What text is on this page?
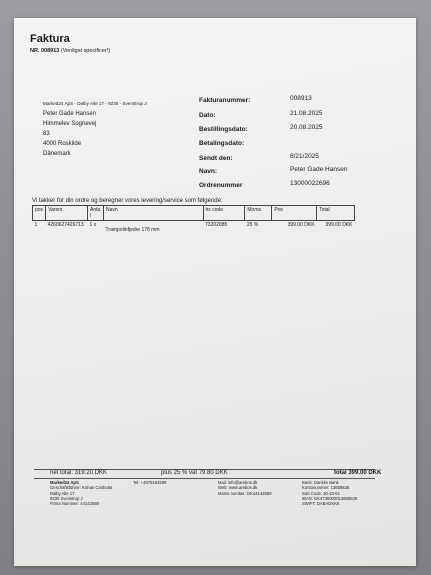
Faktura
NR. 008913 (Venligst specificer!)
Marked24 ApS - Dalby Alle 17 - 9230 - Svenstrup J
Peter Gade Hansen
Himmelev Sognevej
83
4000 Roskilde
Dânemark
Fakturanummer:	008913
Dato:	21.08.2025
Bestillingsdato:	20.08.2025
Betalingsdato:
Sendt den:	8/21/2025
Navn:	Peter Gade Hansen
Ordrenummer	13000022696
Vi takker for din ordre og beregner vores levering/service som følgende:
pos	Varenr.	Anta l	Navn	hs code	Moms	Pris	Total
1	4260627426713	1 x	Trampolinfjedre 178 mm	73202085	25 %	399.00 DKK	399.00 DKK
net total: 319.20 DKK	plus 25 % vat 79.80 DKK	total 399.00 DKK
Marked24 ApS
Geschäftsführer: Kohan Canbolat
Dalby Alle 17
9230 Svenstrup J
Firma Nummer: 44142589
Tel: +4578153269	Mail: info@arebos.dk
Web: www.arebos.dk
Moms number: DK44142589
Bank: Danske Bank
Kontonummer: 13668636
Sort Code: 30-10-61
IBAN: DK4730000013668636
SWIFT: DABADKKK
